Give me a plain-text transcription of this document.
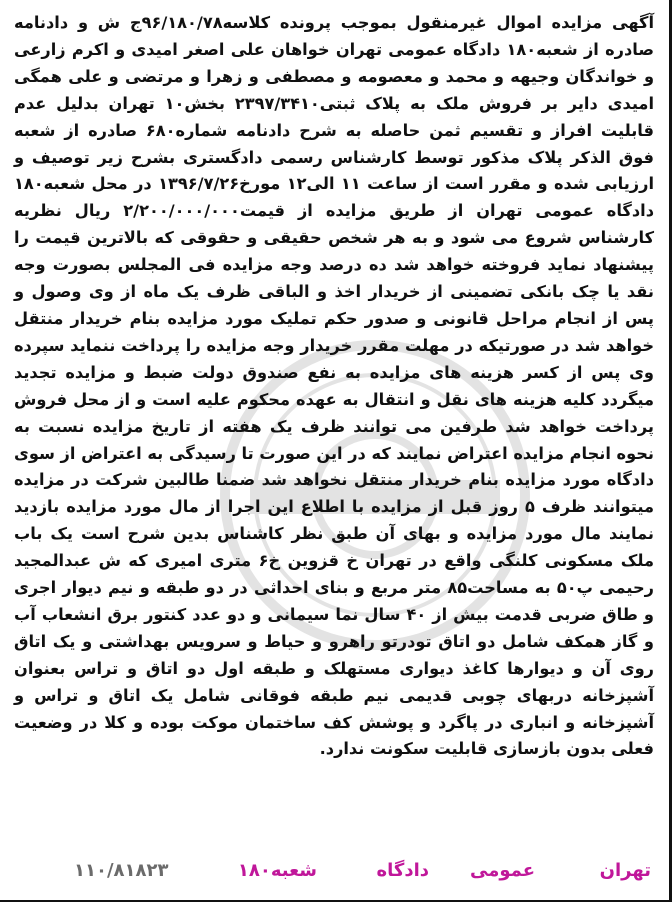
آگهی مزایده اموال غیرمنقول بموجب پرونده کلاسه۹۶/۱۸۰/۷۸ج ش و دادنامه صادره از شعبه۱۸۰ دادگاه عمومی تهران خواهان علی اصغر امیدی و اکرم زارعی و خواندگان وجیهه و محمد و معصومه و مصطفی و زهرا و مرتضی و علی همگی امیدی دایر بر فروش ملک به پلاک ثبتی۲۳۹۷/۳۴۱۰ بخش۱۰ تهران بدلیل عدم قابلیت افراز و تقسیم ثمن حاصله به شرح دادنامه شماره۶۸۰ صادره از شعبه فوق الذکر پلاک مذکور توسط کارشناس رسمی دادگستری بشرح زیر توصیف و ارزیابی شده و مقرر است از ساعت ۱۱ الی۱۲ مورخ۱۳۹۶/۷/۲۶ در محل شعبه۱۸۰ دادگاه عمومی تهران از طریق مزایده از قیمت۲/۲۰۰/۰۰۰/۰۰۰ ریال نظریه کارشناس شروع می شود و به هر شخص حقیقی و حقوقی که بالاترین قیمت را پیشنهاد نماید فروخته خواهد شد ده درصد وجه مزایده فی المجلس بصورت وجه نقد یا چک بانکی تضمینی از خریدار اخذ و الباقی ظرف یک ماه از وی وصول و پس از انجام مراحل قانونی و صدور حکم تملیک مورد مزایده بنام خریدار منتقل خواهد شد در صورتیکه در مهلت مقرر خریدار وجه مزایده را پرداخت ننماید سپرده وی پس از کسر هزینه های مزایده به نفع صندوق دولت ضبط و مزایده تجدید میگردد کلیه هزینه های نقل و انتقال به عهده محکوم علیه است و از محل فروش پرداخت خواهد شد طرفین می توانند ظرف یک هفته از تاریخ مزایده نسبت به نحوه انجام مزایده اعتراض نمایند که در این صورت تا رسیدگی به اعتراض از سوی دادگاه مورد مزایده بنام خریدار منتقل نخواهد شد ضمنا طالبین شرکت در مزایده میتوانند ظرف ۵ روز قبل از مزایده با اطلاع این اجرا از مال مورد مزایده بازدید نمایند مال مورد مزایده و بهای آن طبق نظر کاشناس بدین شرح است یک باب ملک مسکونی کلنگی واقع در تهران خ قزوین خ۶ متری امیری که ش عبدالمجید رحیمی پ۵۰ به مساحت۸۵ متر مربع و بنای احداثی در دو طبقه و نیم دیوار اجری و طاق ضربی قدمت بیش از ۴۰ سال نما سیمانی و دو عدد کنتور برق انشعاب آب و گاز همکف شامل دو اتاق تودرتو راهرو و حیاط و سرویس بهداشتی و یک اتاق روی آن و دیوارها کاغذ دیواری مستهلک و طبقه اول دو اتاق و تراس بعنوان آشپزخانه دربهای چوبی قدیمی نیم طبقه فوقانی شامل یک اتاق و تراس و آشپزخانه و انباری در پاگرد و پوشش کف ساختمان موکت بوده و کلا در وضعیت فعلی بدون بازسازی قابلیت سکونت ندارد.

تهران
عمومی
دادگاه
شعبه۱۸۰
۱۱۰/۸۱۸۲۳
